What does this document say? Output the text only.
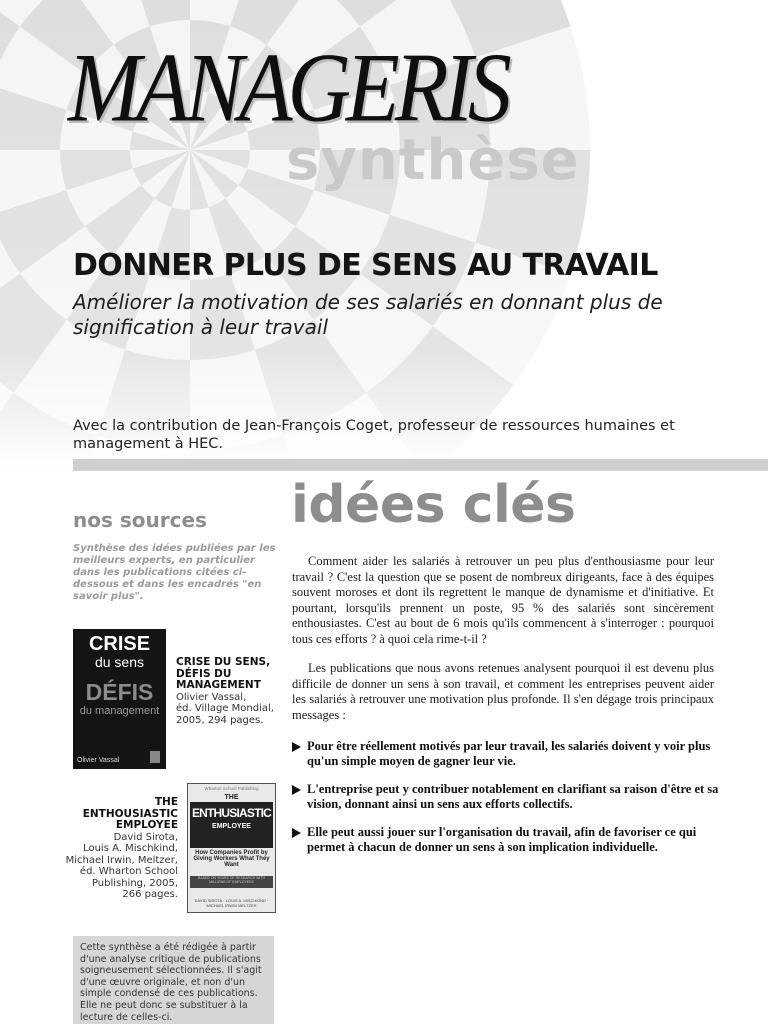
MANAGERIS
synthèse
DONNER PLUS DE SENS AU TRAVAIL
Améliorer la motivation de ses salariés en donnant plus de signification à leur travail
Avec la contribution de Jean-François Coget, professeur de ressources humaines et management à HEC.
nos sources
Synthèse des idées publiées par les meilleurs experts, en particulier dans les publications citées ci-dessous et dans les encadrés "en savoir plus".
CRISE
du sens
DÉFIS
du management
Olivier Vassal
CRISE DU SENS,
DÉFIS DU
MANAGEMENT
Olivier Vassal,
éd. Village Mondial,
2005, 294 pages.
THE
ENTHOUSIASTIC
EMPLOYEE
David Sirota,
Louis A. Mischkind,
Michael Irwin, Meltzer,
éd. Wharton School
Publishing, 2005,
266 pages.
Wharton School Publishing
THE
ENTHUSIASTIC
EMPLOYEE
How Companies Profit by Giving Workers What They Want
BASED ON YEARS OF RESEARCH WITH MILLIONS OF EMPLOYEES
DAVID SIROTA · LOUIS A. MISCHKIND · MICHAEL IRWIN MELTZER
Cette synthèse a été rédigée à partir d'une analyse critique de publications soigneusement sélectionnées. Il s'agit d'une œuvre originale, et non d'un simple condensé de ces publications. Elle ne peut donc se substituer à la lecture de celles-ci.
idées clés

Comment aider les salariés à retrouver un peu plus d'enthousiasme pour leur travail ? C'est la question que se posent de nombreux dirigeants, face à des équipes souvent moroses et dont ils regrettent le manque de dynamisme et d'initiative. Et pourtant, lorsqu'ils prennent un poste, 95 % des salariés sont sincèrement enthousiastes. C'est au bout de 6 mois qu'ils commencent à s'interroger : pourquoi tous ces efforts ? à quoi cela rime-t-il ?

Les publications que nous avons retenues analysent pourquoi il est devenu plus difficile de donner un sens à son travail, et comment les entreprises peuvent aider les salariés à retrouver une motivation plus profonde. Il s'en dégage trois principaux messages :

Pour être réellement motivés par leur travail, les salariés doivent y voir plus qu'un simple moyen de gagner leur vie.
L'entreprise peut y contribuer notablement en clarifiant sa raison d'être et sa vision, donnant ainsi un sens aux efforts collectifs.
Elle peut aussi jouer sur l'organisation du travail, afin de favoriser ce qui permet à chacun de donner un sens à son implication individuelle.
